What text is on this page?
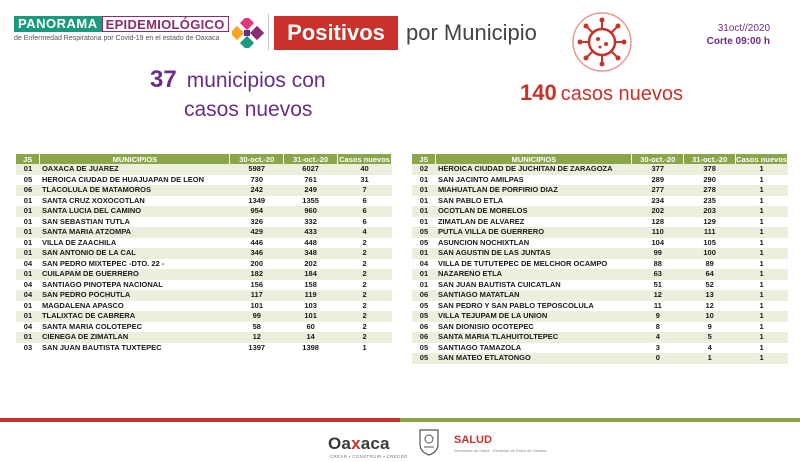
PANORAMA EPIDEMIOLÓGICO
de Enfermedad Respiratoria por Covid-19 en el estado de Oaxaca	Positivos por Municipio	31oct//2020
Corte 09:00 h
37 municipios con
casos nuevos
140 casos nuevos
JS	MUNICIPIOS	30-oct.-20	31-oct.-20	Casos nuevos
01	OAXACA DE JUAREZ	5987	6027	40
05	HEROICA CIUDAD DE HUAJUAPAN DE LEON	730	761	31
06	TLACOLULA DE MATAMOROS	242	249	7
01	SANTA CRUZ XOXOCOTLAN	1349	1355	6
01	SANTA LUCIA DEL CAMINO	954	960	6
01	SAN SEBASTIAN TUTLA	326	332	6
01	SANTA MARIA ATZOMPA	429	433	4
01	VILLA DE ZAACHILA	446	448	2
01	SAN ANTONIO DE LA CAL	346	348	2
04	SAN PEDRO MIXTEPEC -DTO. 22 -	200	202	2
01	CUILAPAM DE GUERRERO	182	184	2
04	SANTIAGO PINOTEPA NACIONAL	156	158	2
04	SAN PEDRO POCHUTLA	117	119	2
01	MAGDALENA APASCO	101	103	2
01	TLALIXTAC DE CABRERA	99	101	2
04	SANTA MARIA COLOTEPEC	58	60	2
01	CIENEGA DE ZIMATLAN	12	14	2
03	SAN JUAN BAUTISTA TUXTEPEC	1397	1398	1
JS	MUNICIPIOS	30-oct.-20	31-oct.-20	Casos nuevos
02	HEROICA CIUDAD DE JUCHITAN DE ZARAGOZA	377	378	1
01	SAN JACINTO AMILPAS	289	290	1
01	MIAHUATLAN DE PORFIRIO DIAZ	277	278	1
01	SAN PABLO ETLA	234	235	1
01	OCOTLAN DE MORELOS	202	203	1
01	ZIMATLAN DE ALVAREZ	128	129	1
05	PUTLA VILLA DE GUERRERO	110	111	1
05	ASUNCION NOCHIXTLAN	104	105	1
01	SAN AGUSTIN DE LAS JUNTAS	99	100	1
04	VILLA DE TUTUTEPEC DE MELCHOR OCAMPO	88	89	1
01	NAZARENO ETLA	63	64	1
01	SAN JUAN BAUTISTA CUICATLAN	51	52	1
06	SANTIAGO MATATLAN	12	13	1
05	SAN PEDRO Y SAN PABLO TEPOSCOLULA	11	12	1
05	VILLA TEJUPAM DE LA UNION	9	10	1
06	SAN DIONISIO OCOTEPEC	8	9	1
06	SANTA MARIA TLAHUITOLTEPEC	4	5	1
05	SANTIAGO TAMAZOLA	3	4	1
05	SAN MATEO ETLATONGO	0	1	1
Oaxaca
CREAR • CONSTRUIR • CRECER
SALUD
Secretaría de Salud · Servicios de Salud de Oaxaca
